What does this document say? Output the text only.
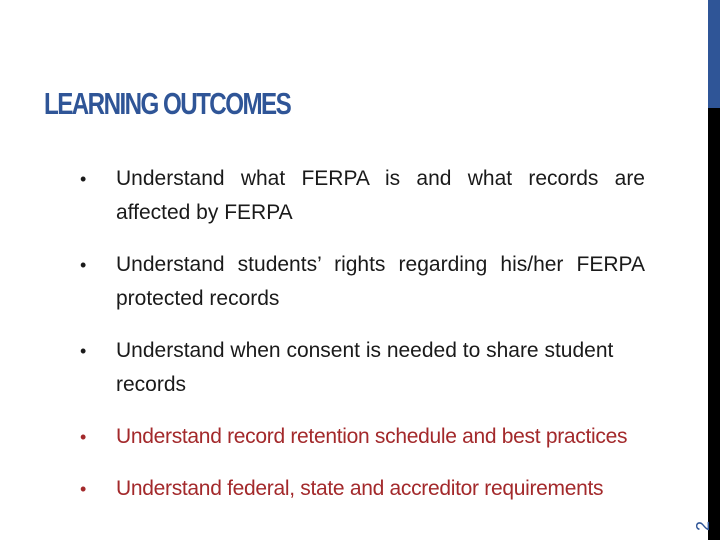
LEARNING OUTCOMES
• Understand what FERPA is and what records are affected by FERPA
• Understand students’ rights regarding his/her FERPA protected records
• Understand when consent is needed to share student records
• Understand record retention schedule and best practices
• Understand federal, state and accreditor requirements
2
